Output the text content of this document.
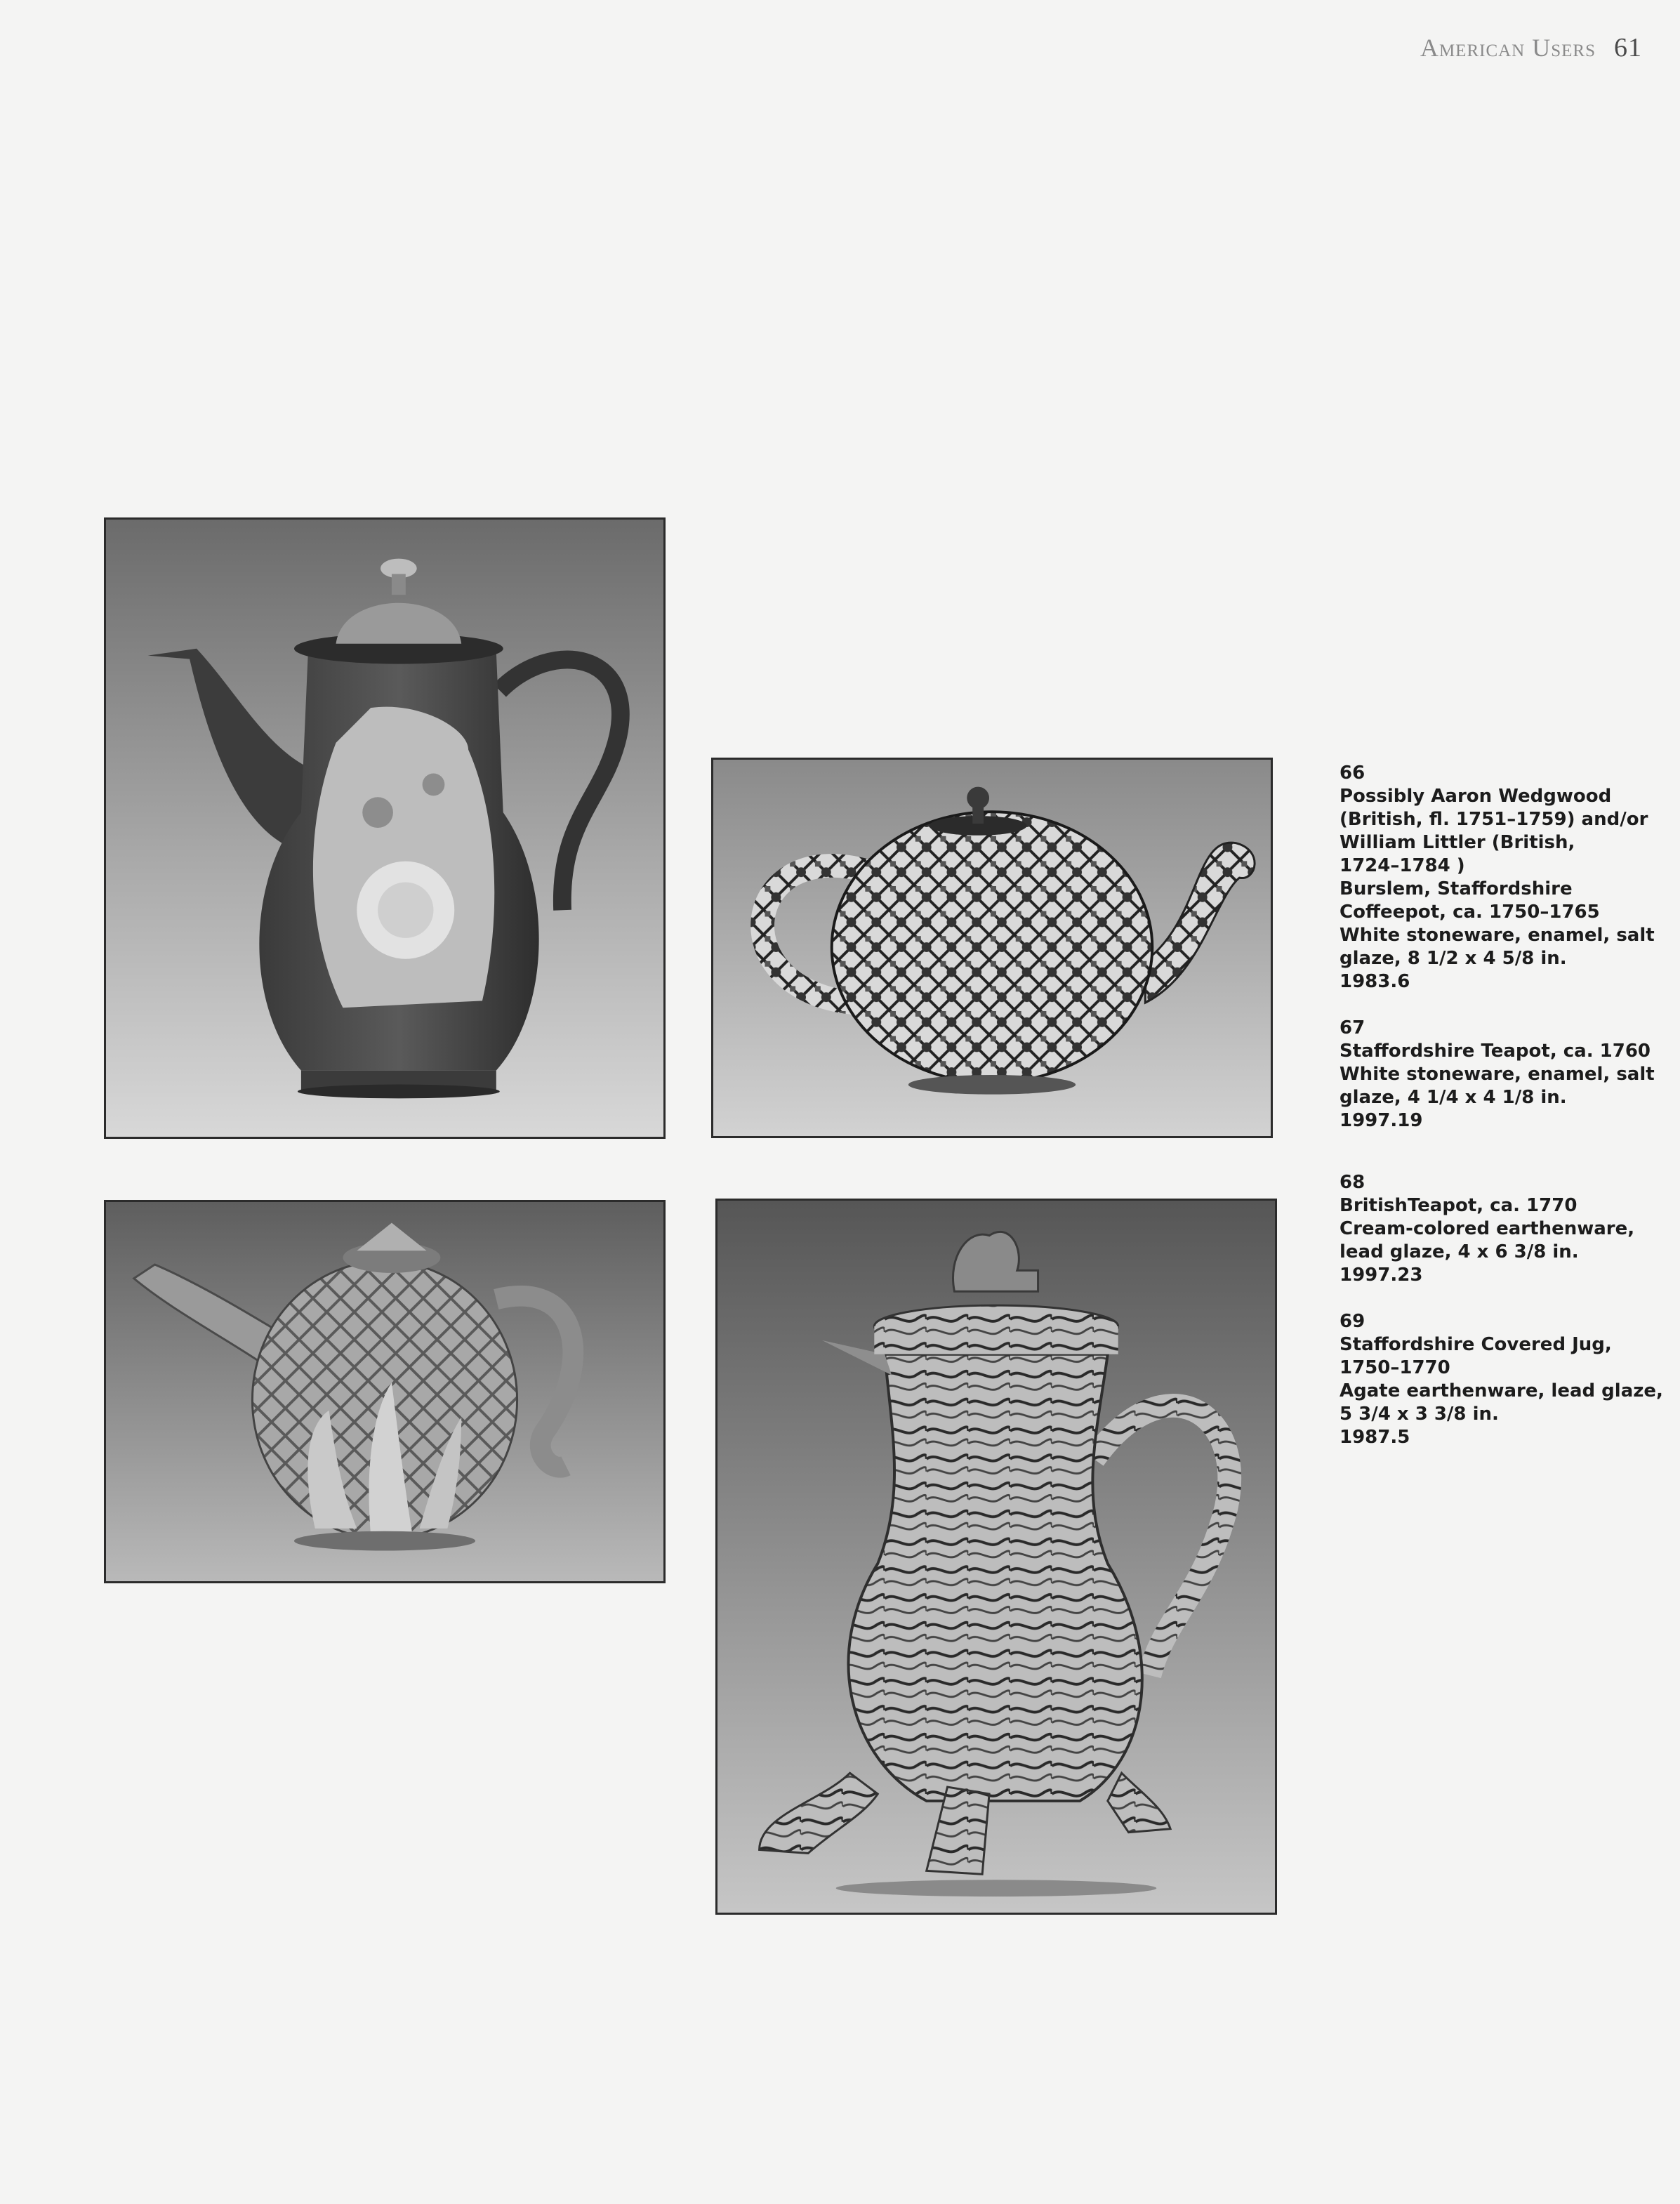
American Users 61
66
Possibly Aaron Wedgwood
(British, fl. 1751–1759) and/or
William Littler (British,
1724–1784 )
Burslem, Staffordshire
Coffeepot, ca. 1750–1765
White stoneware, enamel, salt
glaze, 8 1/2 x 4 5/8 in.
1983.6
67
Staffordshire Teapot, ca. 1760
White stoneware, enamel, salt
glaze, 4 1/4 x 4 1/8 in.
1997.19
68
BritishTeapot, ca. 1770
Cream-colored earthenware,
lead glaze, 4 x 6 3/8 in.
1997.23
69
Staffordshire Covered Jug,
1750–1770
Agate earthenware, lead glaze,
5 3/4 x 3 3/8 in.
1987.5
